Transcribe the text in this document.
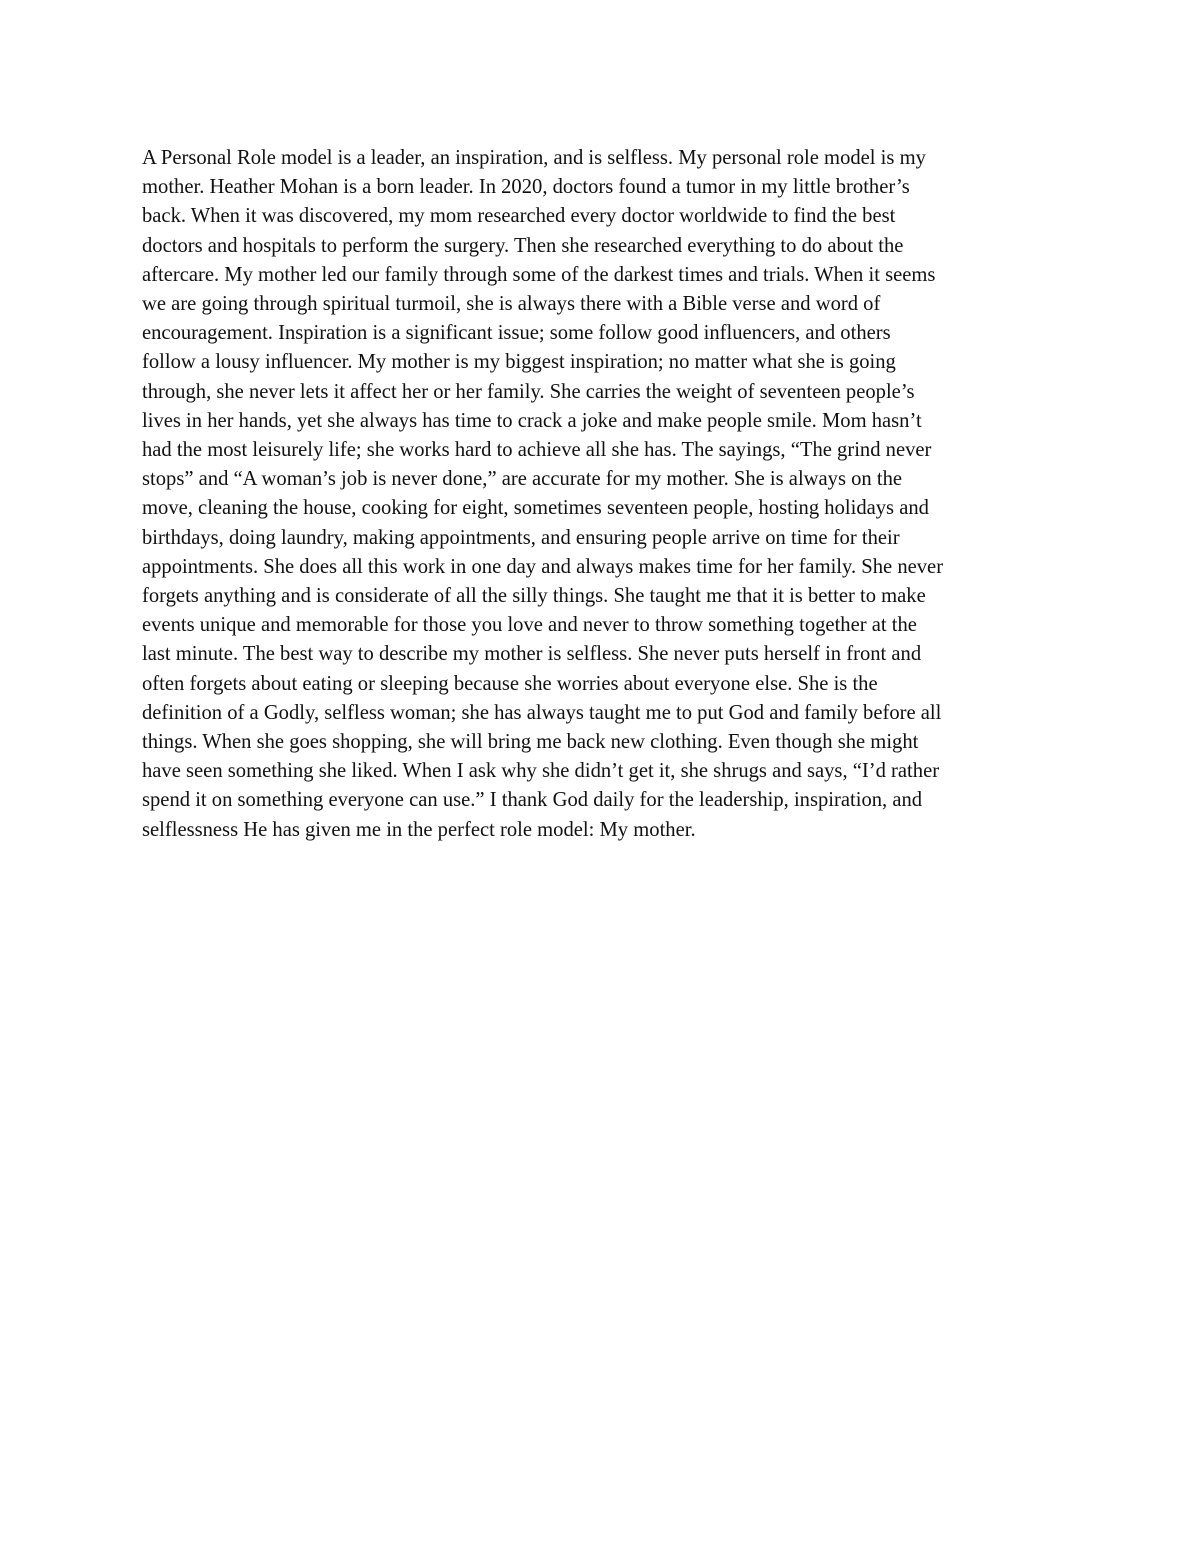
A Personal Role model is a leader, an inspiration, and is selfless. My personal role model is my
mother. Heather Mohan is a born leader. In 2020, doctors found a tumor in my little brother’s
back. When it was discovered, my mom researched every doctor worldwide to find the best
doctors and hospitals to perform the surgery. Then she researched everything to do about the
aftercare. My mother led our family through some of the darkest times and trials. When it seems
we are going through spiritual turmoil, she is always there with a Bible verse and word of
encouragement. Inspiration is a significant issue; some follow good influencers, and others
follow a lousy influencer. My mother is my biggest inspiration; no matter what she is going
through, she never lets it affect her or her family. She carries the weight of seventeen people’s
lives in her hands, yet she always has time to crack a joke and make people smile. Mom hasn’t
had the most leisurely life; she works hard to achieve all she has. The sayings, “The grind never
stops” and “A woman’s job is never done,” are accurate for my mother. She is always on the
move, cleaning the house, cooking for eight, sometimes seventeen people, hosting holidays and
birthdays, doing laundry, making appointments, and ensuring people arrive on time for their
appointments. She does all this work in one day and always makes time for her family. She never
forgets anything and is considerate of all the silly things. She taught me that it is better to make
events unique and memorable for those you love and never to throw something together at the
last minute. The best way to describe my mother is selfless. She never puts herself in front and
often forgets about eating or sleeping because she worries about everyone else. She is the
definition of a Godly, selfless woman; she has always taught me to put God and family before all
things. When she goes shopping, she will bring me back new clothing. Even though she might
have seen something she liked. When I ask why she didn’t get it, she shrugs and says, “I’d rather
spend it on something everyone can use.” I thank God daily for the leadership, inspiration, and
selflessness He has given me in the perfect role model: My mother.
